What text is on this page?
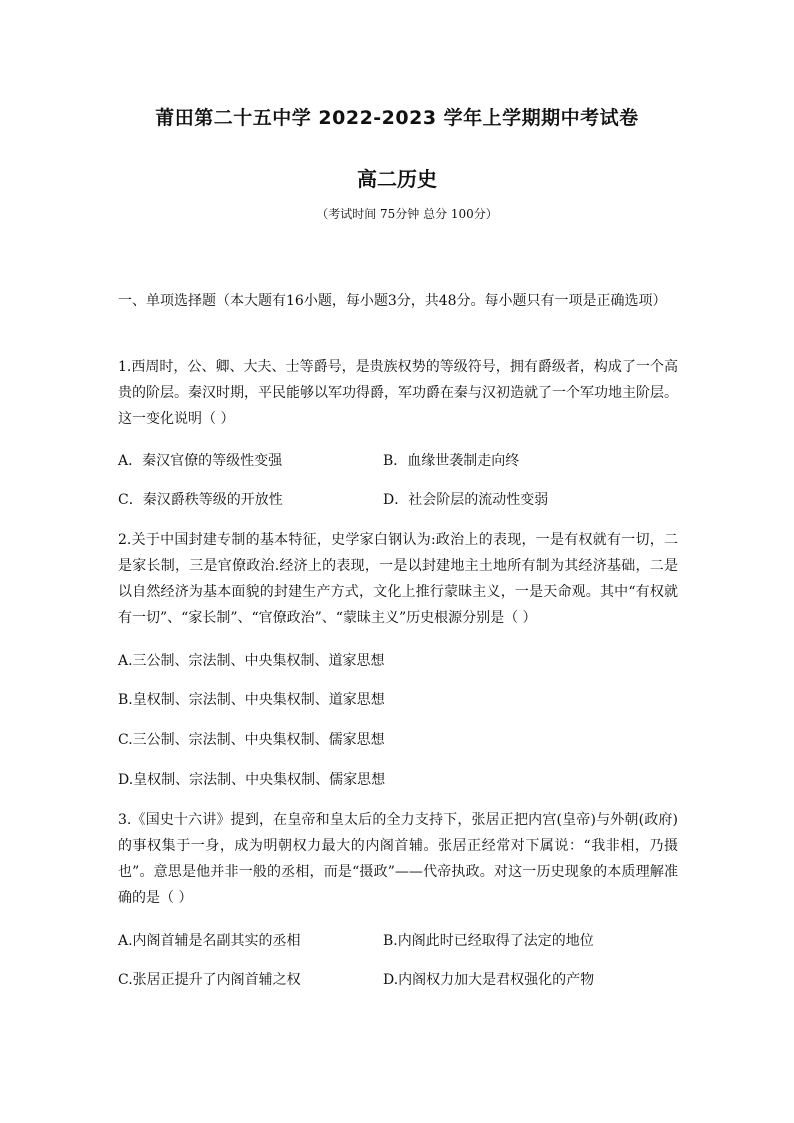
莆田第二十五中学 2022-2023 学年上学期期中考试卷
高二历史
（考试时间 75分钟 总分 100分）

一、单项选择题（本大题有16小题，每小题3分，共48分。每小题只有一项是正确选项）

1.西周时，公、卿、大夫、士等爵号，是贵族权势的等级符号，拥有爵级者，构成了一个高贵的阶层。秦汉时期，平民能够以军功得爵，军功爵在秦与汉初造就了一个军功地主阶层。这一变化说明（ ）

A．秦汉官僚的等级性变强	B．血缘世袭制走向终
C．秦汉爵秩等级的开放性	D．社会阶层的流动性变弱

2.关于中国封建专制的基本特征，史学家白钢认为:政治上的表现，一是有权就有一切，二是家长制，三是官僚政治.经济上的表现，一是以封建地主土地所有制为其经济基础，二是以自然经济为基本面貌的封建生产方式，文化上推行蒙昧主义，一是天命观。其中“有权就有一切”、“家长制”、“官僚政治”、“蒙昧主义”历史根源分别是（ ）

A.三公制、宗法制、中央集权制、道家思想
B.皇权制、宗法制、中央集权制、道家思想
C.三公制、宗法制、中央集权制、儒家思想
D.皇权制、宗法制、中央集权制、儒家思想

3.《国史十六讲》提到，在皇帝和皇太后的全力支持下，张居正把内宫(皇帝)与外朝(政府)的事权集于一身，成为明朝权力最大的内阁首辅。张居正经常对下属说：“我非相，乃摄也”。意思是他并非一般的丞相，而是“摄政”——代帝执政。对这一历史现象的本质理解准确的是（ ）

A.内阁首辅是名副其实的丞相	B.内阁此时已经取得了法定的地位
C.张居正提升了内阁首辅之权	D.内阁权力加大是君权强化的产物
